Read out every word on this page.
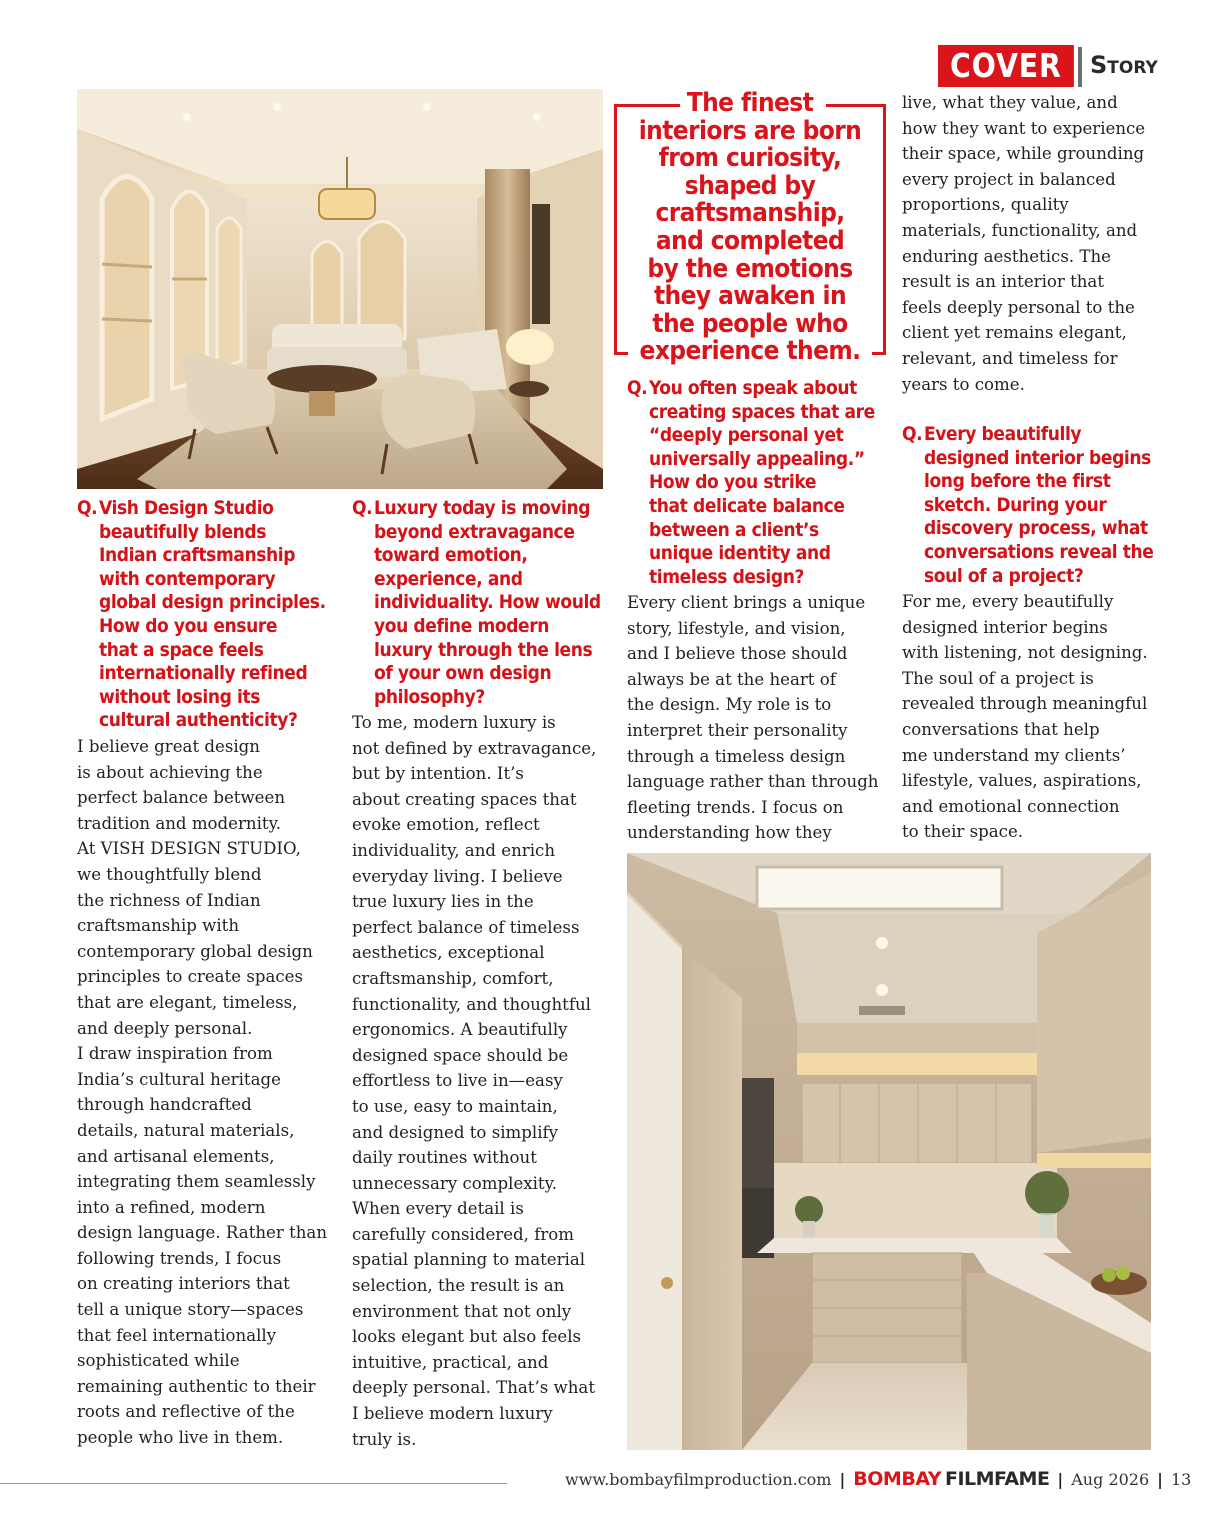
COVER	Story
The finest
interiors are born
from curiosity,
shaped by
craftsmanship,
and completed
by the emotions
they awaken in
the people who
experience them.
Q. Vish Design Studio
beautifully blends
Indian craftsmanship
with contemporary
global design principles.
How do you ensure
that a space feels
internationally refined
without losing its
cultural authenticity?
I believe great design
is about achieving the
perfect balance between
tradition and modernity.
At VISH DESIGN STUDIO,
we thoughtfully blend
the richness of Indian
craftsmanship with
contemporary global design
principles to create spaces
that are elegant, timeless,
and deeply personal.
I draw inspiration from
India’s cultural heritage
through handcrafted
details, natural materials,
and artisanal elements,
integrating them seamlessly
into a refined, modern
design language. Rather than
following trends, I focus
on creating interiors that
tell a unique story—spaces
that feel internationally
sophisticated while
remaining authentic to their
roots and reflective of the
people who live in them.
Q. Luxury today is moving
beyond extravagance
toward emotion,
experience, and
individuality. How would
you define modern
luxury through the lens
of your own design
philosophy?
To me, modern luxury is
not defined by extravagance,
but by intention. It’s
about creating spaces that
evoke emotion, reflect
individuality, and enrich
everyday living. I believe
true luxury lies in the
perfect balance of timeless
aesthetics, exceptional
craftsmanship, comfort,
functionality, and thoughtful
ergonomics. A beautifully
designed space should be
effortless to live in—easy
to use, easy to maintain,
and designed to simplify
daily routines without
unnecessary complexity.
When every detail is
carefully considered, from
spatial planning to material
selection, the result is an
environment that not only
looks elegant but also feels
intuitive, practical, and
deeply personal. That’s what
I believe modern luxury
truly is.
Q. You often speak about
creating spaces that are
“deeply personal yet
universally appealing.”
How do you strike
that delicate balance
between a client’s
unique identity and
timeless design?
Every client brings a unique
story, lifestyle, and vision,
and I believe those should
always be at the heart of
the design. My role is to
interpret their personality
through a timeless design
language rather than through
fleeting trends. I focus on
understanding how they
live, what they value, and
how they want to experience
their space, while grounding
every project in balanced
proportions, quality
materials, functionality, and
enduring aesthetics. The
result is an interior that
feels deeply personal to the
client yet remains elegant,
relevant, and timeless for
years to come.
Q. Every beautifully
designed interior begins
long before the first
sketch. During your
discovery process, what
conversations reveal the
soul of a project?
For me, every beautifully
designed interior begins
with listening, not designing.
The soul of a project is
revealed through meaningful
conversations that help
me understand my clients’
lifestyle, values, aspirations,
and emotional connection
to their space.
www.bombayfilmproduction.com | BOMBAY FILMFAME | Aug 2026 | 13
